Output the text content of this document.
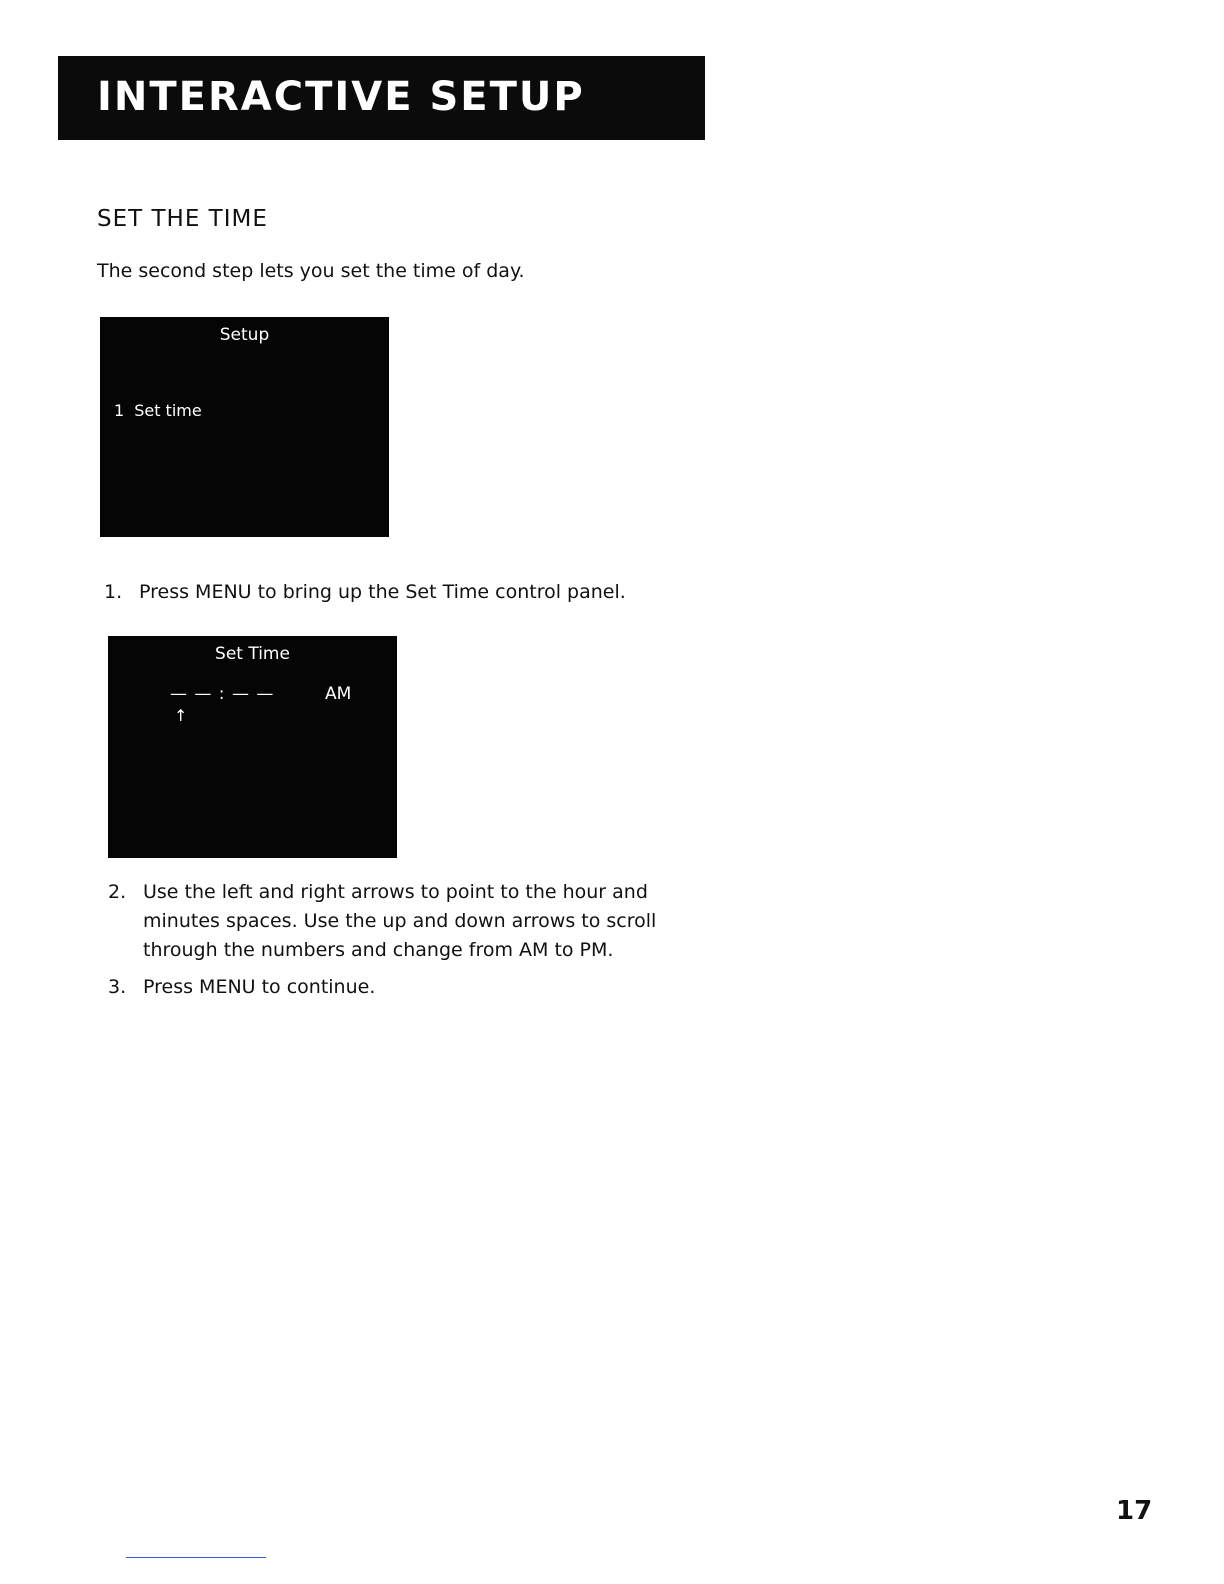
INTERACTIVE SETUP
SET THE TIME
The second step lets you set the time of day.
Setup
1 Set time
1. Press MENU to bring up the Set Time control panel.
Set Time
— — : — —	AM
↑
2. Use the left and right arrows to point to the hour and minutes spaces. Use the up and down arrows to scroll through the numbers and change from AM to PM.
3. Press MENU to continue.
17
